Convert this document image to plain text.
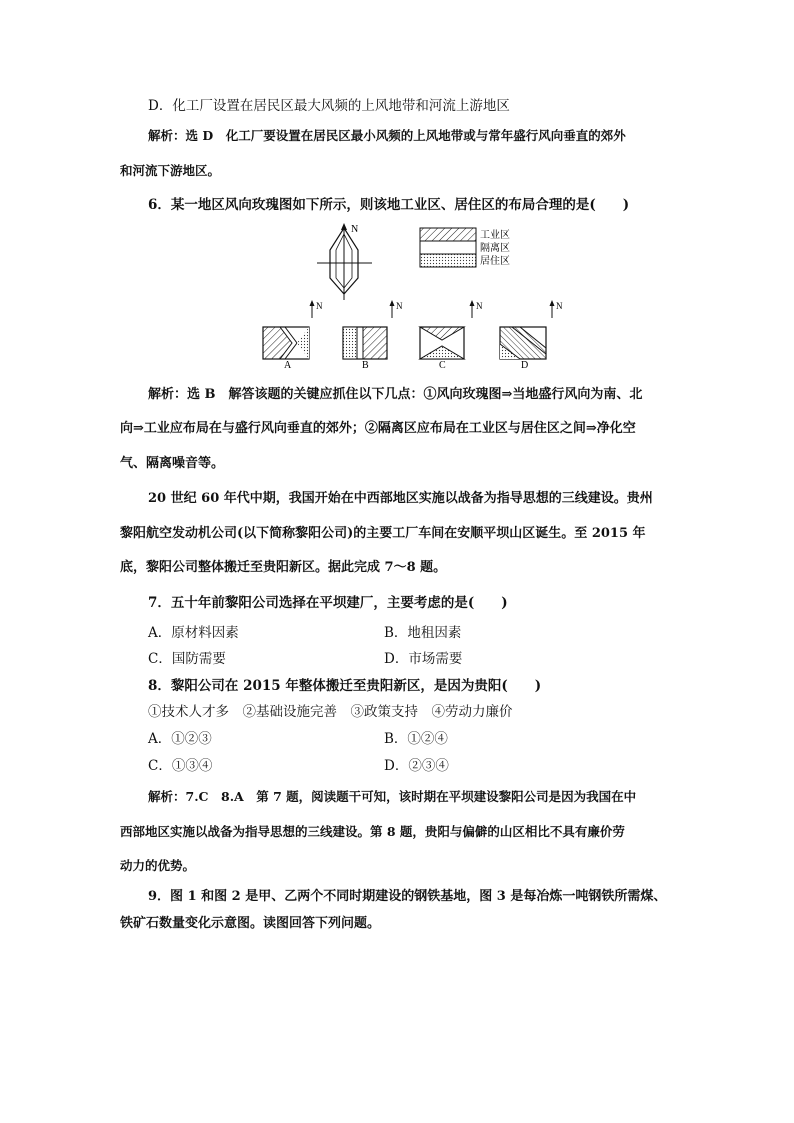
D．化工厂设置在居民区最大风频的上风地带和河流上游地区
解析：选 D　化工厂要设置在居民区最小风频的上风地带或与常年盛行风向垂直的郊外
和河流下游地区。
6．某一地区风向玫瑰图如下所示，则该地工业区、居住区的布局合理的是(　　)
N
工业区
隔离区
居住区
N	N	N	N
A	B	C	D
解析：选 B　解答该题的关键应抓住以下几点：①风向玫瑰图⇒当地盛行风向为南、北
向⇒工业应布局在与盛行风向垂直的郊外；②隔离区应布局在工业区与居住区之间⇒净化空
气、隔离噪音等。
20 世纪 60 年代中期，我国开始在中西部地区实施以战备为指导思想的三线建设。贵州
黎阳航空发动机公司(以下简称黎阳公司)的主要工厂车间在安顺平坝山区诞生。至 2015 年
底，黎阳公司整体搬迁至贵阳新区。据此完成 7～8 题。
7．五十年前黎阳公司选择在平坝建厂，主要考虑的是(　　)
A．原材料因素	B．地租因素
C．国防需要	D．市场需要
8．黎阳公司在 2015 年整体搬迁至贵阳新区，是因为贵阳(　　)
①技术人才多　②基础设施完善　③政策支持　④劳动力廉价
A．①②③	B．①②④
C．①③④	D．②③④
解析：7.C　8.A　第 7 题，阅读题干可知，该时期在平坝建设黎阳公司是因为我国在中
西部地区实施以战备为指导思想的三线建设。第 8 题，贵阳与偏僻的山区相比不具有廉价劳
动力的优势。
9．图 1 和图 2 是甲、乙两个不同时期建设的钢铁基地，图 3 是每冶炼一吨钢铁所需煤、
铁矿石数量变化示意图。读图回答下列问题。
